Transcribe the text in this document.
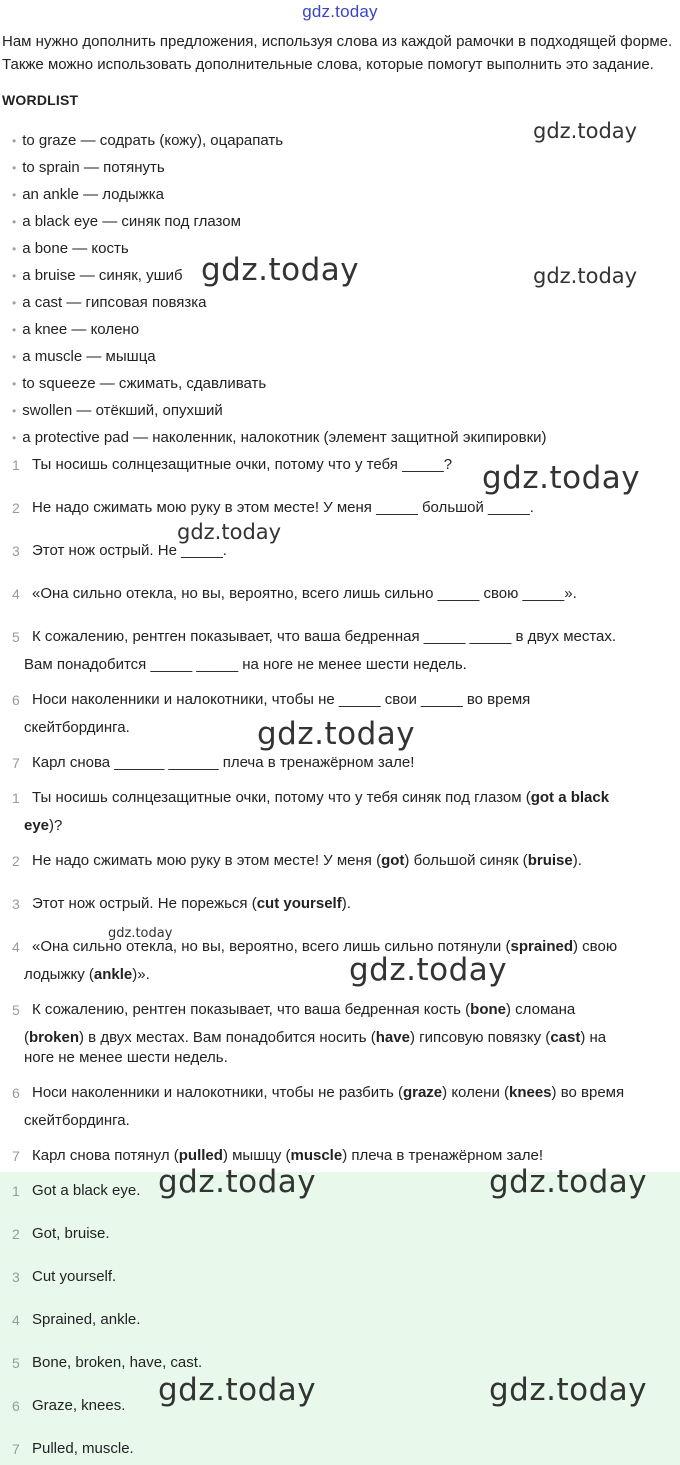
gdz.today
Нам нужно дополнить предложения, используя слова из каждой рамочки в подходящей форме. Также можно использовать дополнительные слова, которые помогут выполнить это задание.
WORDLIST
• to graze — содрать (кожу), оцарапать
• to sprain — потянуть
• an ankle — лодыжка
• a black eye — синяк под глазом
• a bone — кость
• a bruise — синяк, ушиб
• a cast — гипсовая повязка
• a knee — колено
• a muscle — мышца
• to squeeze — сжимать, сдавливать
• swollen — отёкший, опухший
• a protective pad — наколенник, налокотник (элемент защитной экипировки)
1 Ты носишь солнцезащитные очки, потому что у тебя _____?
2 Не надо сжимать мою руку в этом месте! У меня _____ большой _____.
3 Этот нож острый. Не _____.
4 «Она сильно отекла, но вы, вероятно, всего лишь сильно _____ свою _____».
5 К сожалению, рентген показывает, что ваша бедренная _____ _____ в двух местах.
Вам понадобится _____ _____ на ноге не менее шести недель.
6 Носи наколенники и налокотники, чтобы не _____ свои _____ во время
скейтбординга.
7 Карл снова ______ ______ плеча в тренажёрном зале!
1 Ты носишь солнцезащитные очки, потому что у тебя синяк под глазом (got a black
eye)?
2 Не надо сжимать мою руку в этом месте! У меня (got) большой синяк (bruise).
3 Этот нож острый. Не порежься (cut yourself).
4 «Она сильно отекла, но вы, вероятно, всего лишь сильно потянули (sprained) свою
лодыжку (ankle)».
5 К сожалению, рентген показывает, что ваша бедренная кость (bone) сломана
(broken) в двух местах. Вам понадобится носить (have) гипсовую повязку (cast) на
ноге не менее шести недель.
6 Носи наколенники и налокотники, чтобы не разбить (graze) колени (knees) во время
скейтбординга.
7 Карл снова потянул (pulled) мышцу (muscle) плеча в тренажёрном зале!
1 Got a black eye.
2 Got, bruise.
3 Cut yourself.
4 Sprained, ankle.
5 Bone, broken, have, cast.
6 Graze, knees.
7 Pulled, muscle.
gdz.today
gdz.today	gdz.today
gdz.today
gdz.today
gdz.today
gdz.today
gdz.today
gdz.today	gdz.today
gdz.today	gdz.today
